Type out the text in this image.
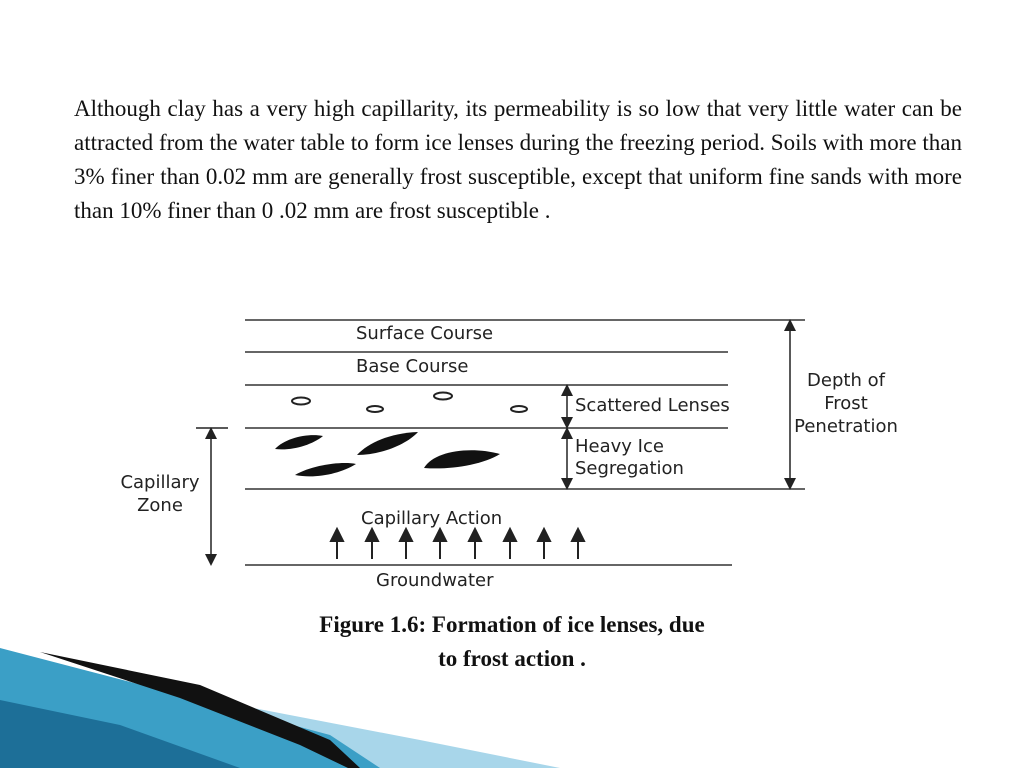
Although clay has a very high capillarity, its permeability is so low that very little water can be attracted from the water table to form ice lenses during the freezing period. Soils with more than 3% finer than 0.02 mm are generally frost susceptible, except that uniform fine sands with more than 10% finer than 0 .02 mm are frost susceptible .
Surface Course
Base Course
Scattered Lenses
Heavy Ice
Segregation
Capillary Action
Groundwater
Capillary
Zone
Depth of
Frost
Penetration
Figure 1.6: Formation of ice lenses, due
to frost action .
